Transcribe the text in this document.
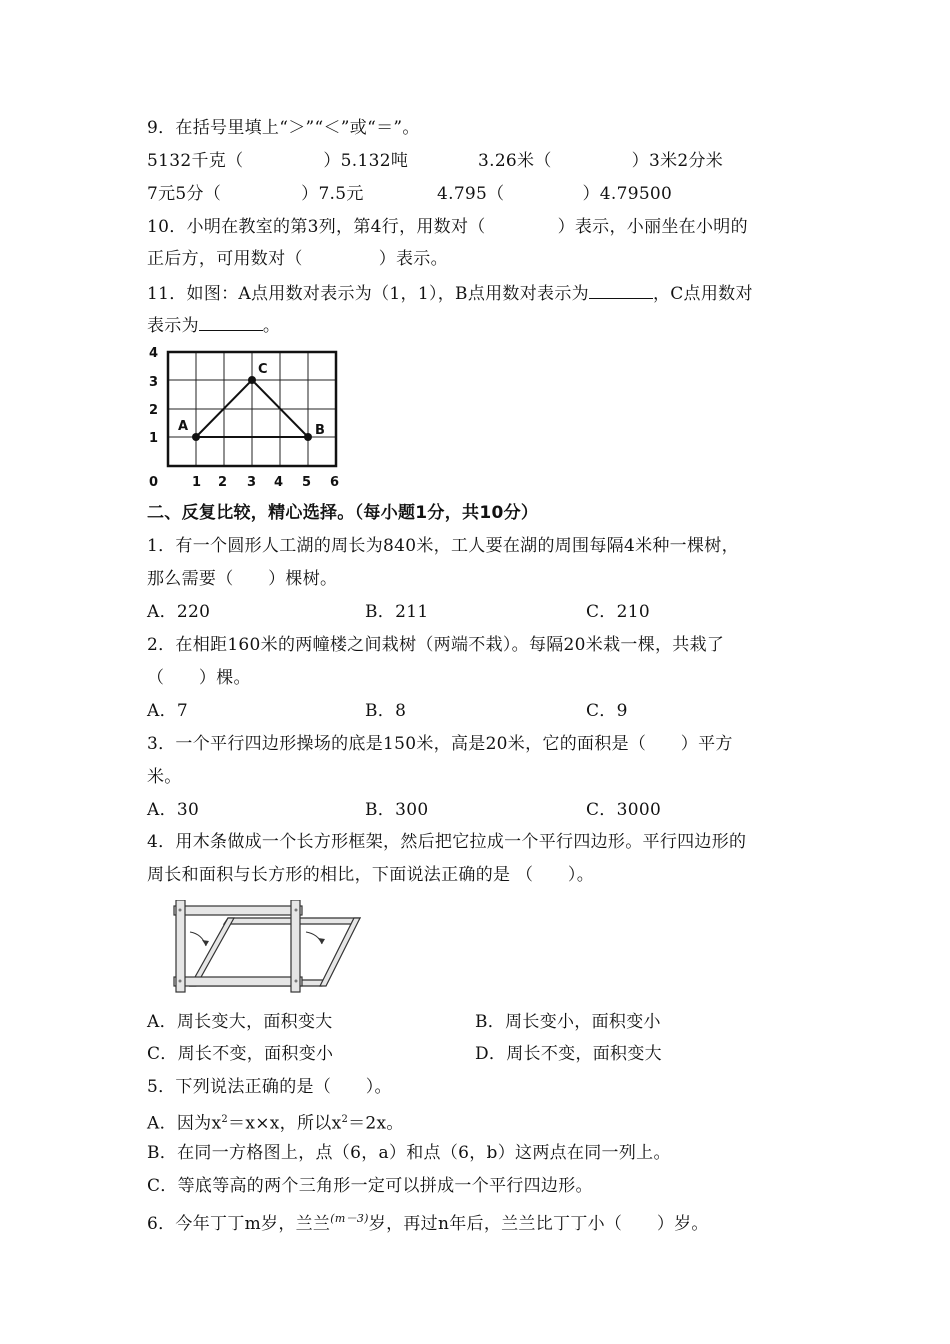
9．在括号里填上“＞”“＜”或“＝”。
5132千克（	）5.132吨	3.26米（	）3米2分米
7元5分（	）7.5元	4.795（	）4.79500
10．小明在教室的第3列，第4行，用数对（	）表示，小丽坐在小明的
正后方，可用数对（	）表示。
11．如图：A点用数对表示为（1，1），B点用数对表示为	，C点用数对
表示为	。
A	B
C
1
2
3
4
0	1 2 3 4 5 6
二、反复比较，精心选择。（每小题1分，共10分）
1．有一个圆形人工湖的周长为840米，工人要在湖的周围每隔4米种一棵树，
那么需要（　　）棵树。
A．220	B．211	C．210
2．在相距160米的两幢楼之间栽树（两端不栽）。每隔20米栽一棵，共栽了
（　　）棵。
A．7	B．8	C．9
3．一个平行四边形操场的底是150米，高是20米，它的面积是（　　）平方
米。
A．30	B．300	C．3000
4．用木条做成一个长方形框架，然后把它拉成一个平行四边形。平行四边形的
周长和面积与长方形的相比，下面说法正确的是 （　　）。
A．周长变大，面积变大	B．周长变小，面积变小
C．周长不变，面积变小	D．周长不变，面积变大
5．下列说法正确的是（　　）。
A．因为$x^2=x\times x$，所以$x^2=2x$。
B．在同一方格图上，点（6，a）和点（6，b）这两点在同一列上。
C．等底等高的两个三角形一定可以拼成一个平行四边形。
6．今年丁丁m岁，兰兰$^{(m-3)}$岁，再过n年后，兰兰比丁丁小（　　）岁。
